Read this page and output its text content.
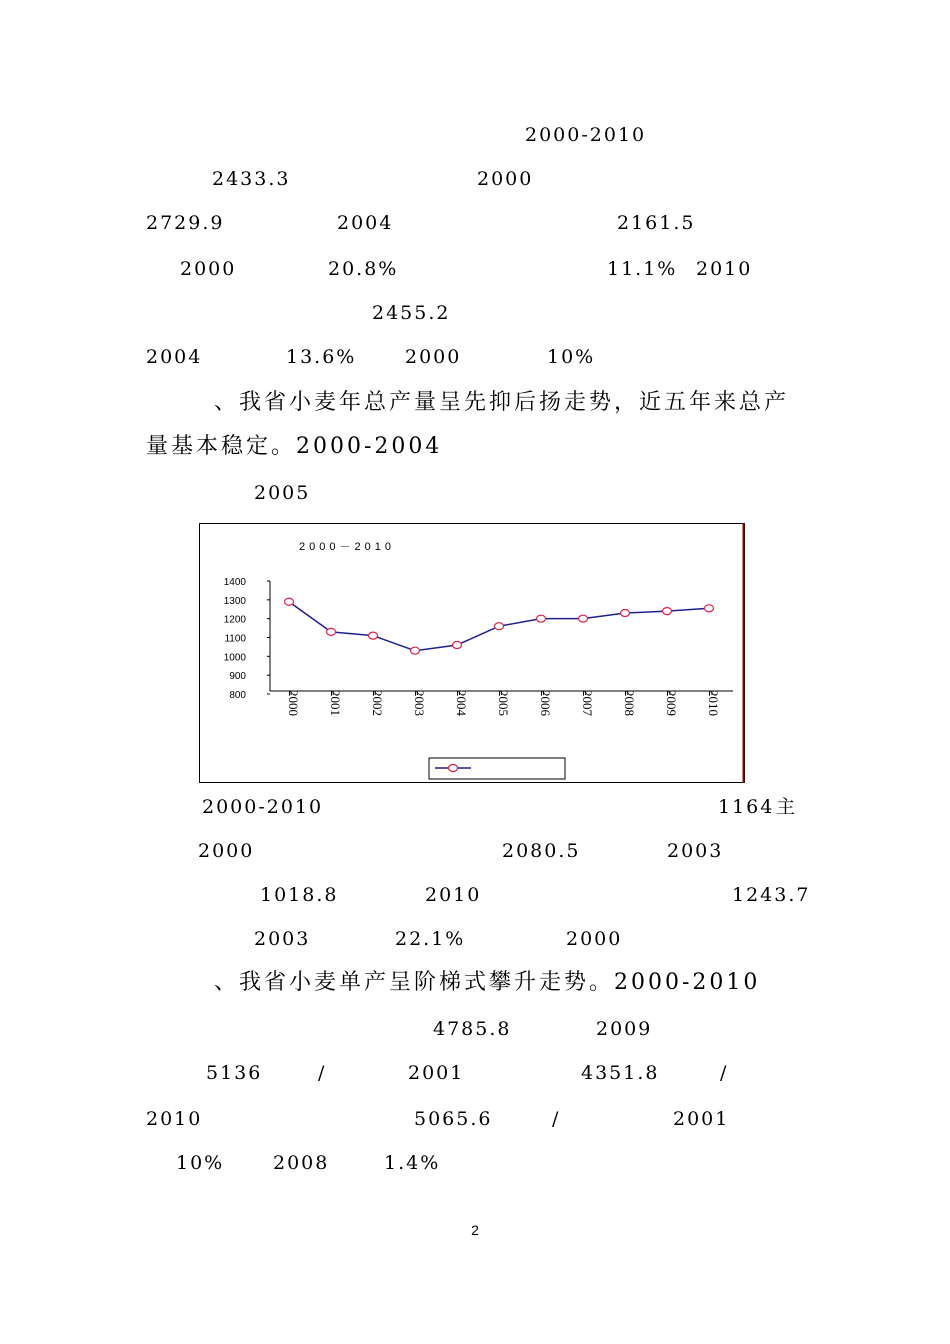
2000-2010
2433.3	2000
2729.9	2004	2161.5
2000	20.8%	11.1% 2010
2455.2
2004	13.6%	2000	10%
、我省小麦年总产量呈先抑后扬走势，近五年来总产
量基本稳定。2000-2004
2005
2000－2010
1400
1300
1200
1100
1000
900
800	2000 2001 2002 2003 2004 2005 2006 2007 2008 2009 2010
2000-2010	1164 主
2000	2080.5	2003
1018.8	2010	1243.7
2003	22.1%	2000
、我省小麦单产呈阶梯式攀升走势。2000-2010
4785.8	2009
5136	/	2001	4351.8	/
2010	5065.6	/	2001
10%	2008	1.4%
2
